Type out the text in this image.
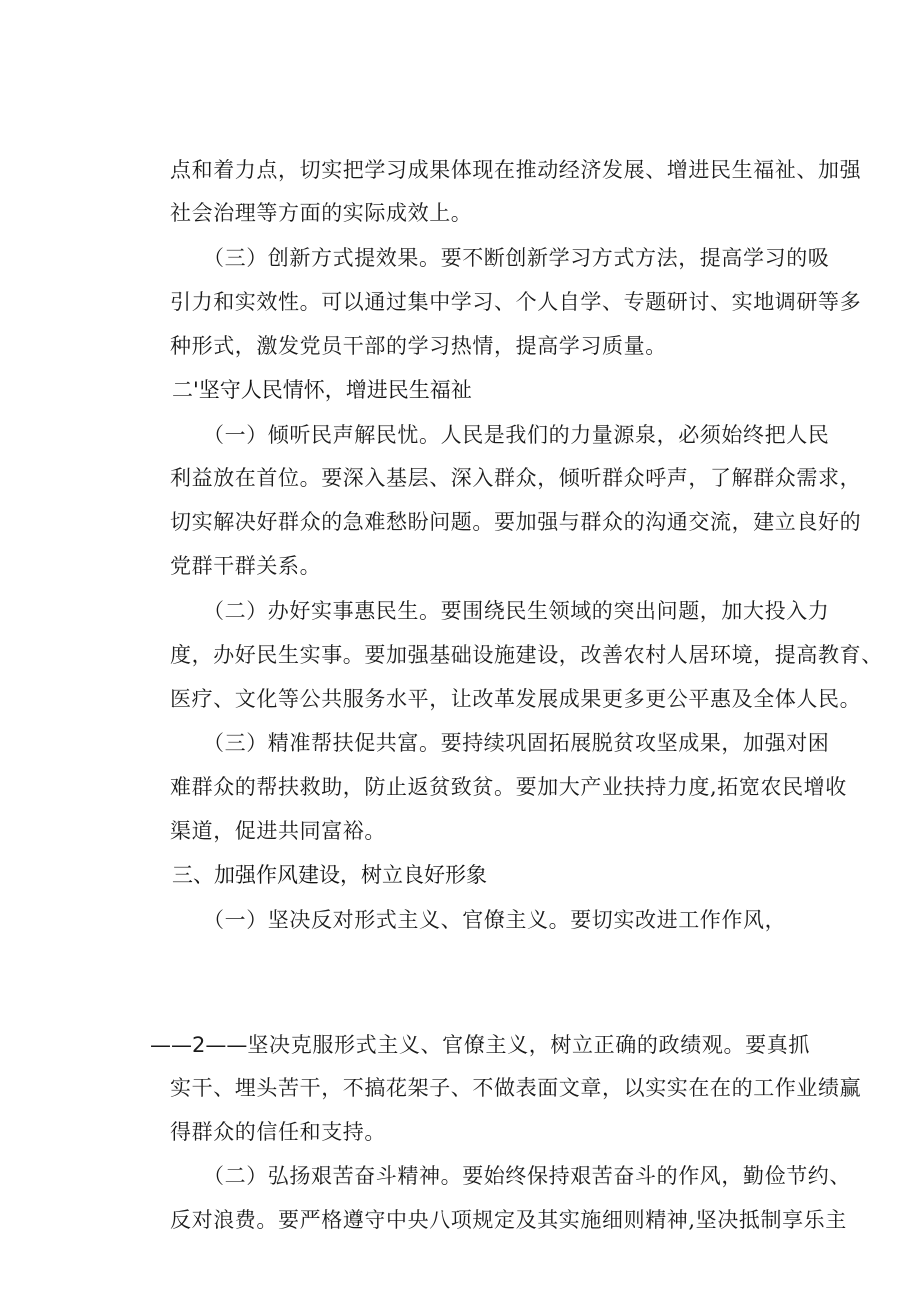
点和着力点，切实把学习成果体现在推动经济发展、增进民生福祉、加强
社会治理等方面的实际成效上。
（三）创新方式提效果。要不断创新学习方式方法，提高学习的吸
引力和实效性。可以通过集中学习、个人自学、专题研讨、实地调研等多
种形式，激发党员干部的学习热情，提高学习质量。
二'坚守人民情怀，增进民生福祉
（一）倾听民声解民忧。人民是我们的力量源泉，必须始终把人民
利益放在首位。要深入基层、深入群众，倾听群众呼声，了解群众需求，
切实解决好群众的急难愁盼问题。要加强与群众的沟通交流，建立良好的
党群干群关系。
（二）办好实事惠民生。要围绕民生领域的突出问题，加大投入力
度，办好民生实事。要加强基础设施建设，改善农村人居环境，提高教育、
医疗、文化等公共服务水平，让改革发展成果更多更公平惠及全体人民。
（三）精准帮扶促共富。要持续巩固拓展脱贫攻坚成果，加强对困
难群众的帮扶救助，防止返贫致贫。要加大产业扶持力度,拓宽农民增收
渠道，促进共同富裕。
三、加强作风建设，树立良好形象
（一）坚决反对形式主义、官僚主义。要切实改进工作作风，
——2——坚决克服形式主义、官僚主义，树立正确的政绩观。要真抓
实干、埋头苦干，不搞花架子、不做表面文章，以实实在在的工作业绩赢
得群众的信任和支持。
（二）弘扬艰苦奋斗精神。要始终保持艰苦奋斗的作风，勤俭节约、
反对浪费。要严格遵守中央八项规定及其实施细则精神,坚决抵制享乐主
